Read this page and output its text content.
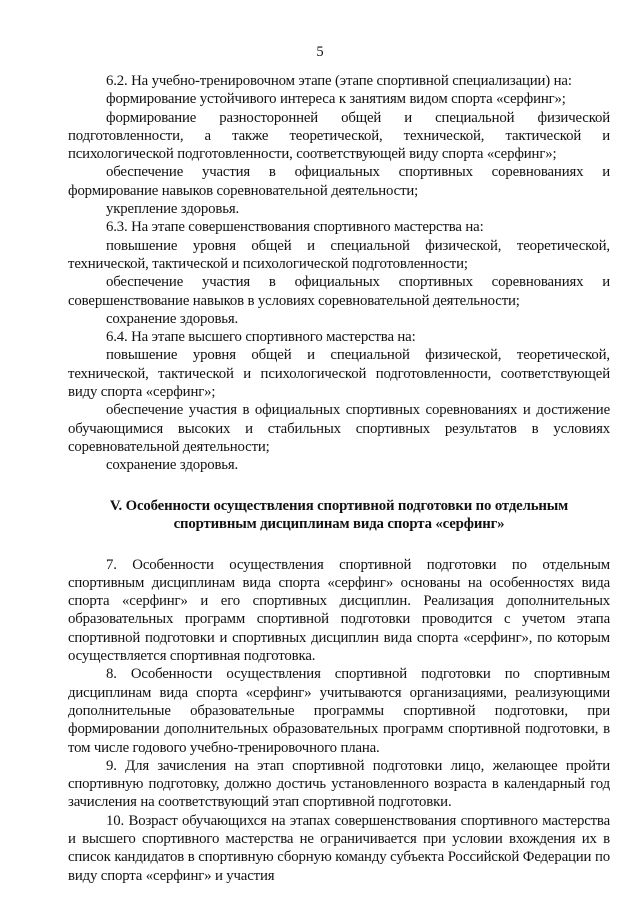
5

6.2. На учебно-тренировочном этапе (этапе спортивной специализации) на:

формирование устойчивого интереса к занятиям видом спорта «серфинг»;

формирование разносторонней общей и специальной физической подготовленности, а также теоретической, технической, тактической и психологической подготовленности, соответствующей виду спорта «серфинг»;

обеспечение участия в официальных спортивных соревнованиях и формирование навыков соревновательной деятельности;

укрепление здоровья.

6.3. На этапе совершенствования спортивного мастерства на:

повышение уровня общей и специальной физической, теоретической, технической, тактической и психологической подготовленности;

обеспечение участия в официальных спортивных соревнованиях и совершенствование навыков в условиях соревновательной деятельности;

сохранение здоровья.

6.4. На этапе высшего спортивного мастерства на:

повышение уровня общей и специальной физической, теоретической, технической, тактической и психологической подготовленности, соответствующей виду спорта «серфинг»;

обеспечение участия в официальных спортивных соревнованиях и достижение обучающимися высоких и стабильных спортивных результатов в условиях соревновательной деятельности;

сохранение здоровья.

V. Особенности осуществления спортивной подготовки по отдельным спортивным дисциплинам вида спорта «серфинг»

7. Особенности осуществления спортивной подготовки по отдельным спортивным дисциплинам вида спорта «серфинг» основаны на особенностях вида спорта «серфинг» и его спортивных дисциплин. Реализация дополнительных образовательных программ спортивной подготовки проводится с учетом этапа спортивной подготовки и спортивных дисциплин вида спорта «серфинг», по которым осуществляется спортивная подготовка.

8. Особенности осуществления спортивной подготовки по спортивным дисциплинам вида спорта «серфинг» учитываются организациями, реализующими дополнительные образовательные программы спортивной подготовки, при формировании дополнительных образовательных программ спортивной подготовки, в том числе годового учебно-тренировочного плана.

9. Для зачисления на этап спортивной подготовки лицо, желающее пройти спортивную подготовку, должно достичь установленного возраста в календарный год зачисления на соответствующий этап спортивной подготовки.

10. Возраст обучающихся на этапах совершенствования спортивного мастерства и высшего спортивного мастерства не ограничивается при условии вхождения их в список кандидатов в спортивную сборную команду субъекта Российской Федерации по виду спорта «серфинг» и участия
